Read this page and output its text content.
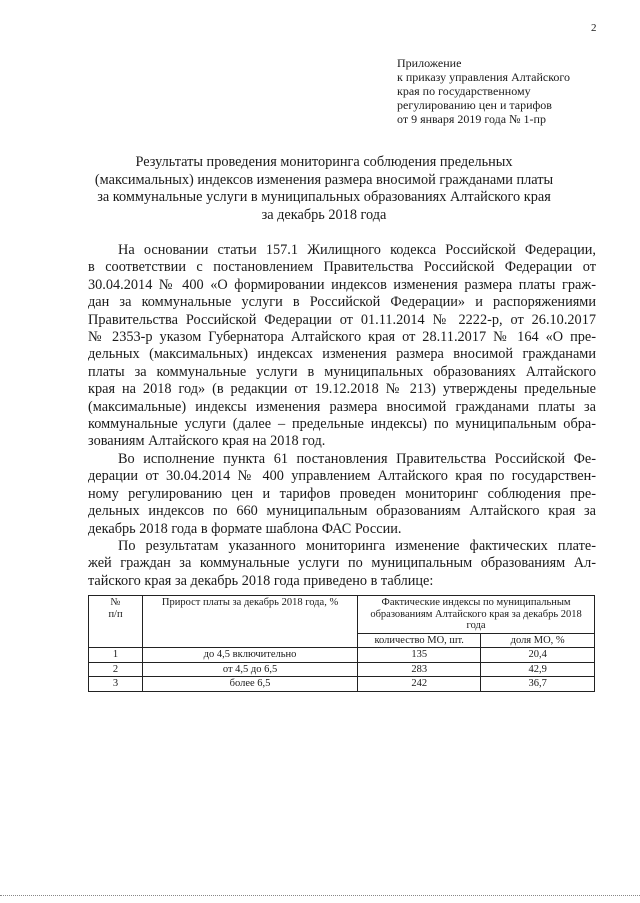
2
Приложение
к приказу управления Алтайского
края по государственному
регулированию цен и тарифов
от 9 января 2019 года № 1-пр
Результаты проведения мониторинга соблюдения предельных
(максимальных) индексов изменения размера вносимой гражданами платы
за коммунальные услуги в муниципальных образованиях Алтайского края
за декабрь 2018 года
На основании статьи 157.1 Жилищного кодекса Российской Федерации,
в соответствии с постановлением Правительства Российской Федерации от
30.04.2014 № 400 «О формировании индексов изменения размера платы граж-
дан за коммунальные услуги в Российской Федерации» и распоряжениями
Правительства Российской Федерации от 01.11.2014 № 2222-р, от 26.10.2017
№ 2353-р указом Губернатора Алтайского края от 28.11.2017 № 164 «О пре-
дельных (максимальных) индексах изменения размера вносимой гражданами
платы за коммунальные услуги в муниципальных образованиях Алтайского
края на 2018 год» (в редакции от 19.12.2018 № 213) утверждены предельные
(максимальные) индексы изменения размера вносимой гражданами платы за
коммунальные услуги (далее – предельные индексы) по муниципальным обра-
зованиям Алтайского края на 2018 год.
Во исполнение пункта 61 постановления Правительства Российской Фе-
дерации от 30.04.2014 № 400 управлением Алтайского края по государствен-
ному регулированию цен и тарифов проведен мониторинг соблюдения пре-
дельных индексов по 660 муниципальным образованиям Алтайского края за
декабрь 2018 года в формате шаблона ФАС России.
По результатам указанного мониторинга изменение фактических плате-
жей граждан за коммунальные услуги по муниципальным образованиям Ал-
тайского края за декабрь 2018 года приведено в таблице:
№
п/п	Прирост платы за декабрь 2018 года, %	Фактические индексы по муниципальным образованиям Алтайского края за декабрь 2018 года	
		количество МО, шт.	доля МО, %
1	до 4,5 включительно	135	20,4
2	от 4,5 до 6,5	283	42,9
3	более 6,5	242	36,7
